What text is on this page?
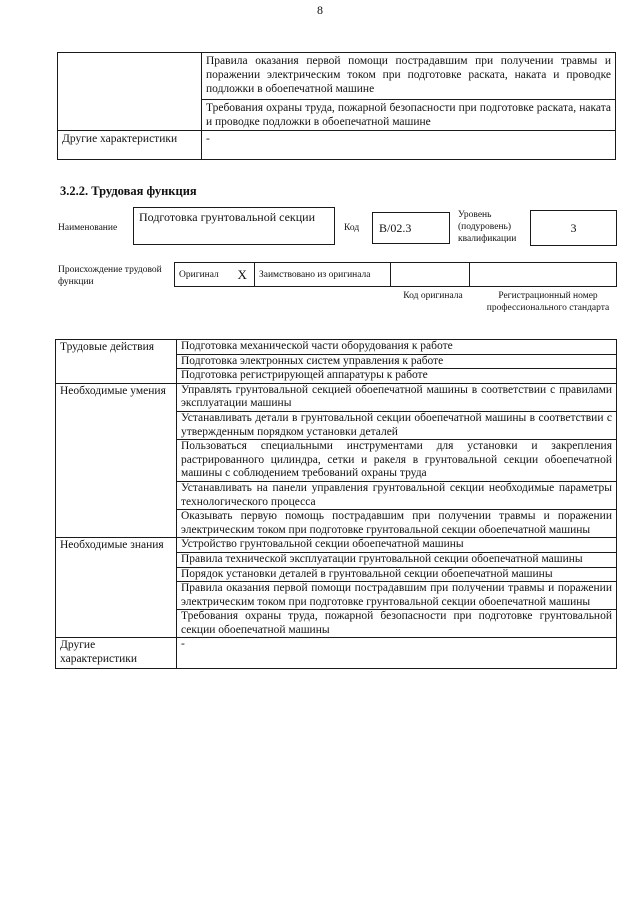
8
	Правила оказания первой помощи пострадавшим при получении травмы и поражении электрическим током при подготовке раската, наката и проводке подложки в обоепечатной машине
	Требования охраны труда, пожарной безопасности при подготовке раската, наката и проводке подложки в обоепечатной машине
Другие характеристики	-
3.2.2. Трудовая функция
Наименование
Подготовка грунтовальной секции
Код	В/02.3
Уровень (подуровень) квалификации
3
Происхождение трудовой функции
Оригинал	X	Заимствовано из оригинала		
Код оригинала	Регистрационный номер профессионального стандарта
Трудовые действия	Подготовка механической части оборудования к работе
	Подготовка электронных систем управления к работе
	Подготовка регистрирующей аппаратуры к работе
Необходимые умения	Управлять грунтовальной секцией обоепечатной машины в соответствии с правилами эксплуатации машины
	Устанавливать детали в грунтовальной секции обоепечатной машины в соответствии с утвержденным порядком установки деталей
	Пользоваться специальными инструментами для установки и закрепления растрированного цилиндра, сетки и ракеля в грунтовальной секции обоепечатной машины с соблюдением требований охраны труда
	Устанавливать на панели управления грунтовальной секции необходимые параметры технологического процесса
	Оказывать первую помощь пострадавшим при получении травмы и поражении электрическим током при подготовке грунтовальной секции обоепечатной машины
Необходимые знания	Устройство грунтовальной секции обоепечатной машины
	Правила технической эксплуатации грунтовальной секции обоепечатной машины
	Порядок установки деталей в грунтовальной секции обоепечатной машины
	Правила оказания первой помощи пострадавшим при получении травмы и поражении электрическим током при подготовке грунтовальной секции обоепечатной машины
	Требования охраны труда, пожарной безопасности при подготовке грунтовальной секции обоепечатной машины
Другие характеристики	-
